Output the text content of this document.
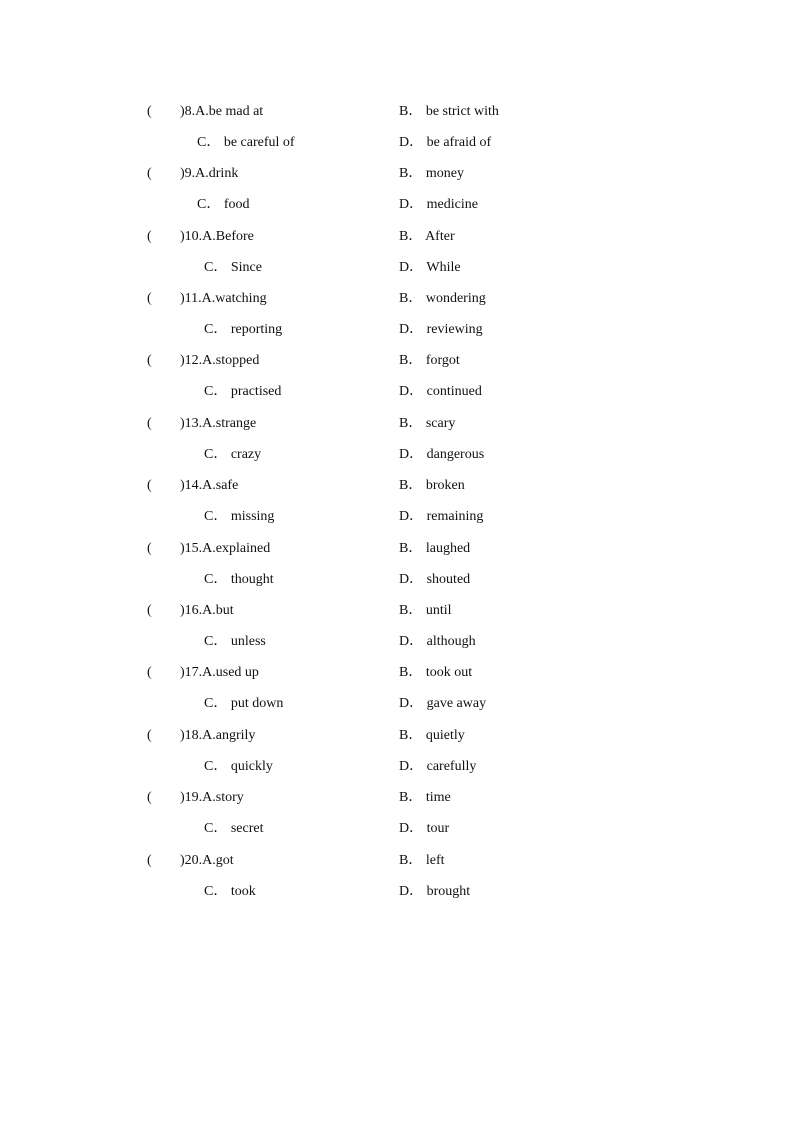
( )8.A.be mad at	B． be strict with
C． be careful of	D． be afraid of
( )9.A.drink	B． money
C． food	D． medicine
( )10.A.Before	B． After
C． Since	D． While
( )11.A.watching	B． wondering
C． reporting	D． reviewing
( )12.A.stopped	B． forgot
C． practised	D． continued
( )13.A.strange	B． scary
C． crazy	D． dangerous
( )14.A.safe	B． broken
C． missing	D． remaining
( )15.A.explained	B． laughed
C． thought	D． shouted
( )16.A.but	B． until
C． unless	D． although
( )17.A.used up	B． took out
C． put down	D． gave away
( )18.A.angrily	B． quietly
C． quickly	D． carefully
( )19.A.story	B． time
C． secret	D． tour
( )20.A.got	B． left
C． took	D． brought
